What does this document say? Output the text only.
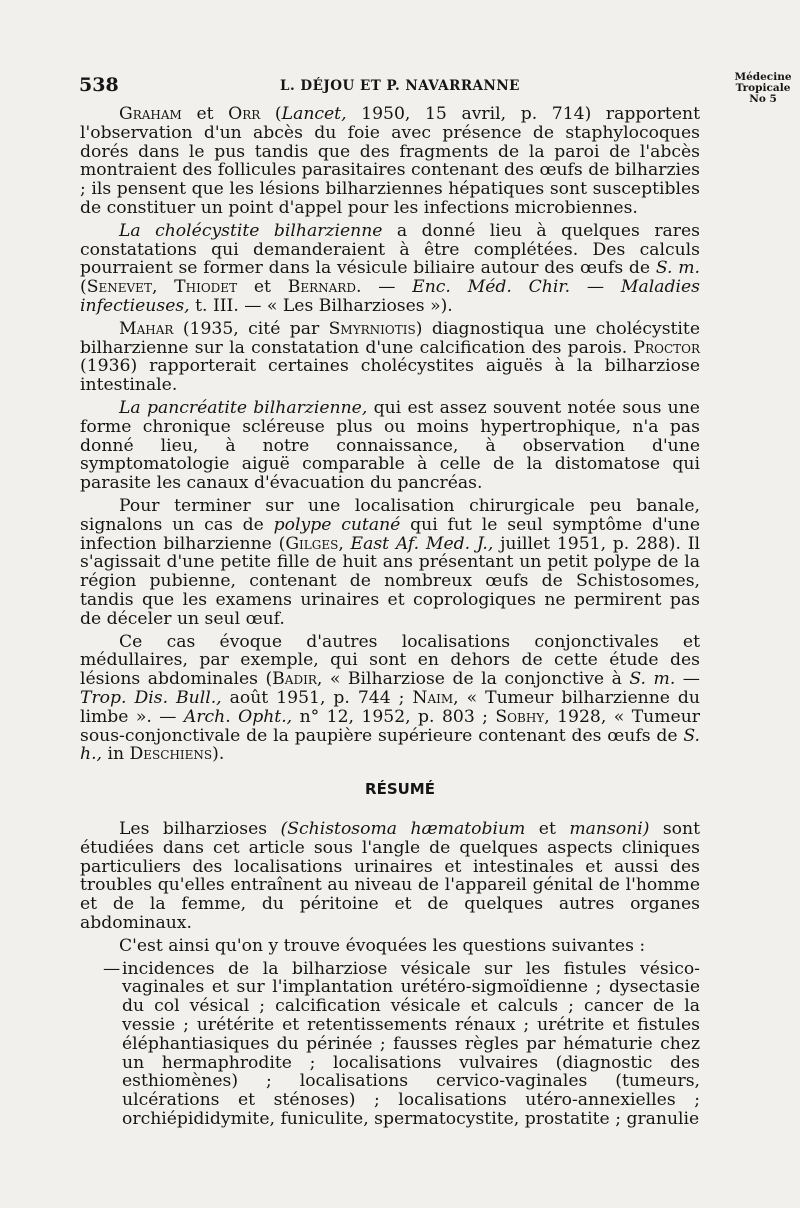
538	L. DÉJOU ET P. NAVARRANNE
Médecine
Tropicale
No 5

Graham et Orr (Lancet, 1950, 15 avril, p. 714) rapportent l'observation d'un abcès du foie avec présence de staphylocoques dorés dans le pus tandis que des fragments de la paroi de l'abcès montraient des follicules parasitaires contenant des œufs de bilharzies ; ils pensent que les lésions bilharziennes hépatiques sont susceptibles de constituer un point d'appel pour les infections microbiennes.

La cholécystite bilharzienne a donné lieu à quelques rares constatations qui demanderaient à être complétées. Des calculs pourraient se former dans la vésicule biliaire autour des œufs de S. m. (Senevet, Thiodet et Bernard. — Enc. Méd. Chir. — Maladies infectieuses, t. III. — « Les Bilharzioses »).

Mahar (1935, cité par Smyrniotis) diagnostiqua une cholécystite bilharzienne sur la constatation d'une calcification des parois. Proctor (1936) rapporterait certaines cholécystites aiguës à la bilharziose intestinale.

La pancréatite bilharzienne, qui est assez souvent notée sous une forme chronique scléreuse plus ou moins hypertrophique, n'a pas donné lieu, à notre connaissance, à observation d'une symptomatologie aiguë comparable à celle de la distomatose qui parasite les canaux d'évacuation du pancréas.

Pour terminer sur une localisation chirurgicale peu banale, signalons un cas de polype cutané qui fut le seul symptôme d'une infection bilharzienne (Gilges, East Af. Med. J., juillet 1951, p. 288). Il s'agissait d'une petite fille de huit ans présentant un petit polype de la région pubienne, contenant de nombreux œufs de Schistosomes, tandis que les examens urinaires et coprologiques ne permirent pas de déceler un seul œuf.

Ce cas évoque d'autres localisations conjonctivales et médullaires, par exemple, qui sont en dehors de cette étude des lésions abdominales (Badir, « Bilharziose de la conjonctive à S. m. — Trop. Dis. Bull., août 1951, p. 744 ; Naim, « Tumeur bilharzienne du limbe ». — Arch. Opht., n° 12, 1952, p. 803 ; Sobhy, 1928, « Tumeur sous-conjonctivale de la paupière supérieure contenant des œufs de S. h., in Deschiens).

RÉSUMÉ

Les bilharzioses (Schistosoma hæmatobium et mansoni) sont étudiées dans cet article sous l'angle de quelques aspects cliniques particuliers des localisations urinaires et intestinales et aussi des troubles qu'elles entraînent au niveau de l'appareil génital de l'homme et de la femme, du péritoine et de quelques autres organes abdominaux.

C'est ainsi qu'on y trouve évoquées les questions suivantes :

— incidences de la bilharziose vésicale sur les fistules vésico-vaginales et sur l'implantation urétéro-sigmoïdienne ; dysectasie du col vésical ; calcification vésicale et calculs ; cancer de la vessie ; urétérite et retentissements rénaux ; urétrite et fistules éléphantiasiques du périnée ; fausses règles par hématurie chez un hermaphrodite ; localisations vulvaires (diagnostic des esthiomènes) ; localisations cervico-vaginales (tumeurs, ulcérations et sténoses) ; localisations utéro-annexielles ; orchiépididymite, funiculite, spermatocystite, prostatite ; granulie
